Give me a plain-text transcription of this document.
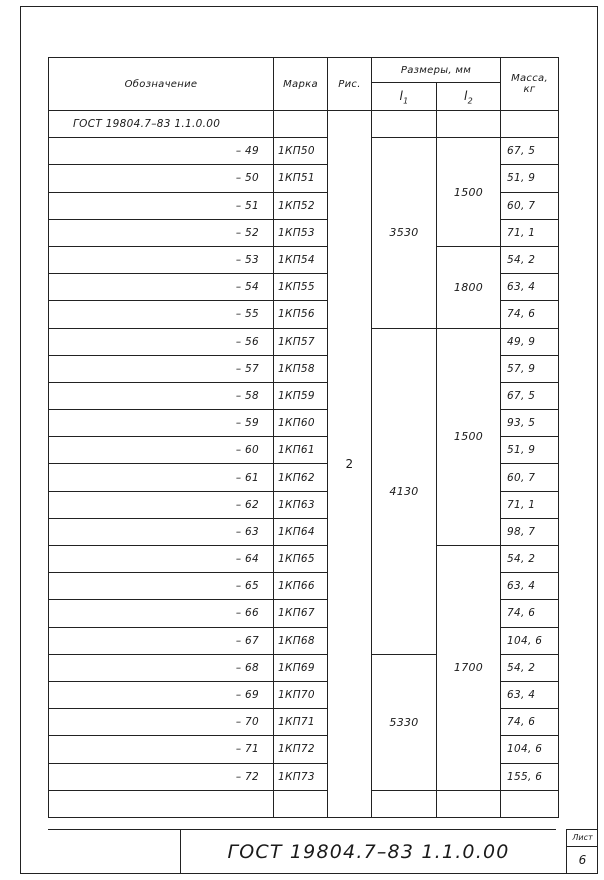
Обозначение	Марка	Рис.	Размеры, мм		Масса,
кг
			$l_1$	$l_2$
ГОСТ 19804.7–83 1.1.0.00		2			
– 49	1КП50		3530	1500	67, 5
– 50	1КП51				51, 9
– 51	1КП52				60, 7
– 52	1КП53				71, 1
– 53	1КП54			1800	54, 2
– 54	1КП55				63, 4
– 55	1КП56				74, 6
– 56	1КП57		4130	1500	49, 9
– 57	1КП58				57, 9
– 58	1КП59				67, 5
– 59	1КП60				93, 5
– 60	1КП61				51, 9
– 61	1КП62				60, 7
– 62	1КП63				71, 1
– 63	1КП64				98, 7
– 64	1КП65			1700	54, 2
– 65	1КП66				63, 4
– 66	1КП67				74, 6
– 67	1КП68				104, 6
– 68	1КП69		5330		54, 2
– 69	1КП70				63, 4
– 70	1КП71				74, 6
– 71	1КП72				104, 6
– 72	1КП73				155, 6

ГОСТ 19804.7–83 1.1.0.00
Лист
6
